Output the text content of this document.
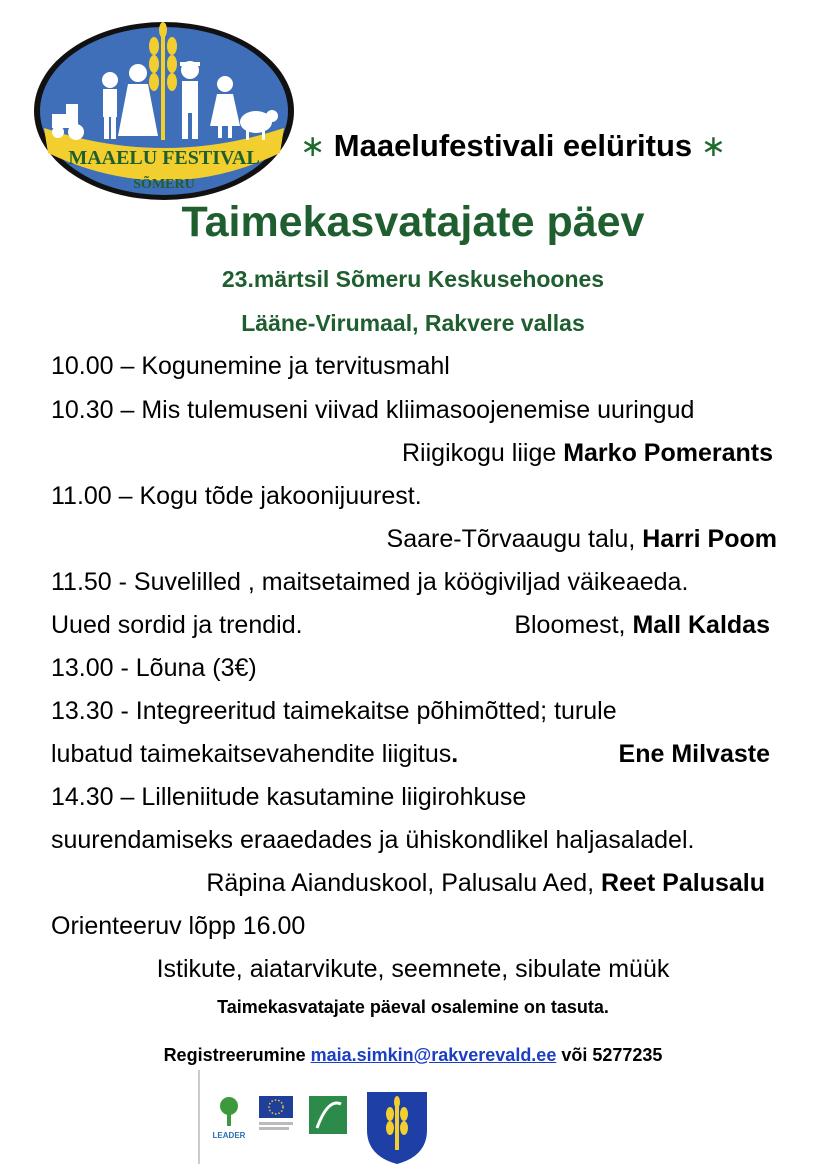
MAAELU FESTIVAL
SÕMERU
∗ Maaelufestivali eelüritus ∗
Taimekasvatajate päev
23.märtsil Sõmeru Keskusehoones
Lääne-Virumaal, Rakvere vallas
10.00 – Kogunemine ja tervitusmahl
10.30 – Mis tulemuseni viivad kliimasoojenemise uuringud
Riigikogu liige Marko Pomerants
11.00 – Kogu tõde jakoonijuurest.
Saare-Tõrvaaugu talu, Harri Poom
11.50 - Suvelilled , maitsetaimed ja köögiviljad väikeaeda.
Uued sordid ja trendid.	Bloomest, Mall Kaldas
13.00 - Lõuna (3€)
13.30 - Integreeritud taimekaitse põhimõtted; turule
lubatud taimekaitsevahendite liigitus.	Ene Milvaste
14.30 – Lilleniitude kasutamine liigirohkuse
suurendamiseks eraaedades ja ühiskondlikel haljasaladel.
Räpina Aianduskool, Palusalu Aed, Reet Palusalu
Orienteeruv lõpp 16.00
Istikute, aiatarvikute, seemnete, sibulate müük
Taimekasvatajate päeval osalemine on tasuta.
Registreerumine maia.simkin@rakverevald.ee või 5277235
LEADER
